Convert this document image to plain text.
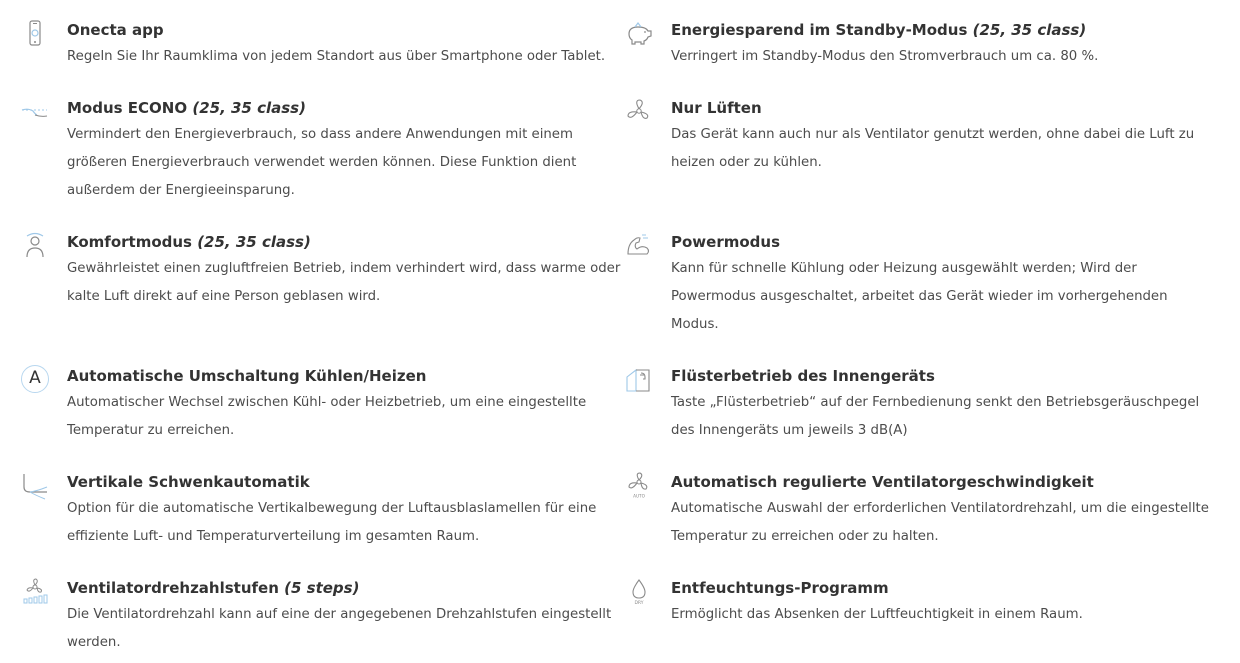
Onecta app

Regeln Sie Ihr Raumklima von jedem Standort aus über Smartphone oder Tablet.

Modus ECONO (25, 35 class)

Vermindert den Energieverbrauch, so dass andere Anwendungen mit einem größeren Energieverbrauch verwendet werden können. Diese Funktion dient außerdem der Energieeinsparung.

Komfortmodus (25, 35 class)

Gewährleistet einen zugluftfreien Betrieb, indem verhindert wird, dass warme oder kalte Luft direkt auf eine Person geblasen wird.

A	Automatische Umschaltung Kühlen/Heizen

Automatischer Wechsel zwischen Kühl- oder Heizbetrieb, um eine eingestellte Temperatur zu erreichen.

Vertikale Schwenkautomatik

Option für die automatische Vertikalbewegung der Luftausblaslamellen für eine effiziente Luft- und Temperaturverteilung im gesamten Raum.

Ventilatordrehzahlstufen (5 steps)

Die Ventilatordrehzahl kann auf eine der angegebenen Drehzahlstufen eingestellt werden.

Energiesparend im Standby-Modus (25, 35 class)

Verringert im Standby-Modus den Stromverbrauch um ca. 80 %.

Nur Lüften

Das Gerät kann auch nur als Ventilator genutzt werden, ohne dabei die Luft zu heizen oder zu kühlen.

Powermodus

Kann für schnelle Kühlung oder Heizung ausgewählt werden; Wird der Powermodus ausgeschaltet, arbeitet das Gerät wieder im vorhergehenden Modus.

Flüsterbetrieb des Innengeräts

Taste „Flüsterbetrieb“ auf der Fernbedienung senkt den Betriebsgeräuschpegel des Innengeräts um jeweils 3 dB(A)

AUTO
Automatisch regulierte Ventilatorgeschwindigkeit

Automatische Auswahl der erforderlichen Ventilatordrehzahl, um die eingestellte Temperatur zu erreichen oder zu halten.

DRY
Entfeuchtungs-Programm

Ermöglicht das Absenken der Luftfeuchtigkeit in einem Raum.
